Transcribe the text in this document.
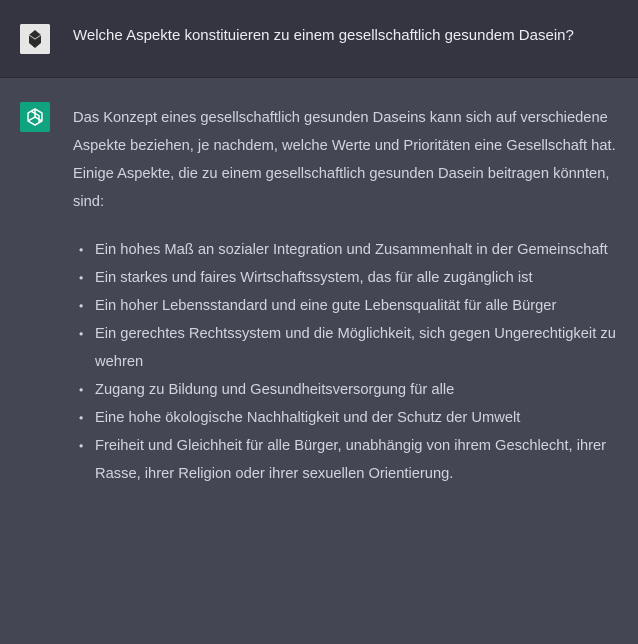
Welche Aspekte konstituieren zu einem gesellschaftlich gesundem Dasein?

Das Konzept eines gesellschaftlich gesunden Daseins kann sich auf verschiedene Aspekte beziehen, je nachdem, welche Werte und Prioritäten eine Gesellschaft hat. Einige Aspekte, die zu einem gesellschaftlich gesunden Dasein beitragen könnten, sind:

• Ein hohes Maß an sozialer Integration und Zusammenhalt in der Gemeinschaft
• Ein starkes und faires Wirtschaftssystem, das für alle zugänglich ist
• Ein hoher Lebensstandard und eine gute Lebensqualität für alle Bürger
• Ein gerechtes Rechtssystem und die Möglichkeit, sich gegen Ungerechtigkeit zu wehren
• Zugang zu Bildung und Gesundheitsversorgung für alle
• Eine hohe ökologische Nachhaltigkeit und der Schutz der Umwelt
• Freiheit und Gleichheit für alle Bürger, unabhängig von ihrem Geschlecht, ihrer Rasse, ihrer Religion oder ihrer sexuellen Orientierung.
